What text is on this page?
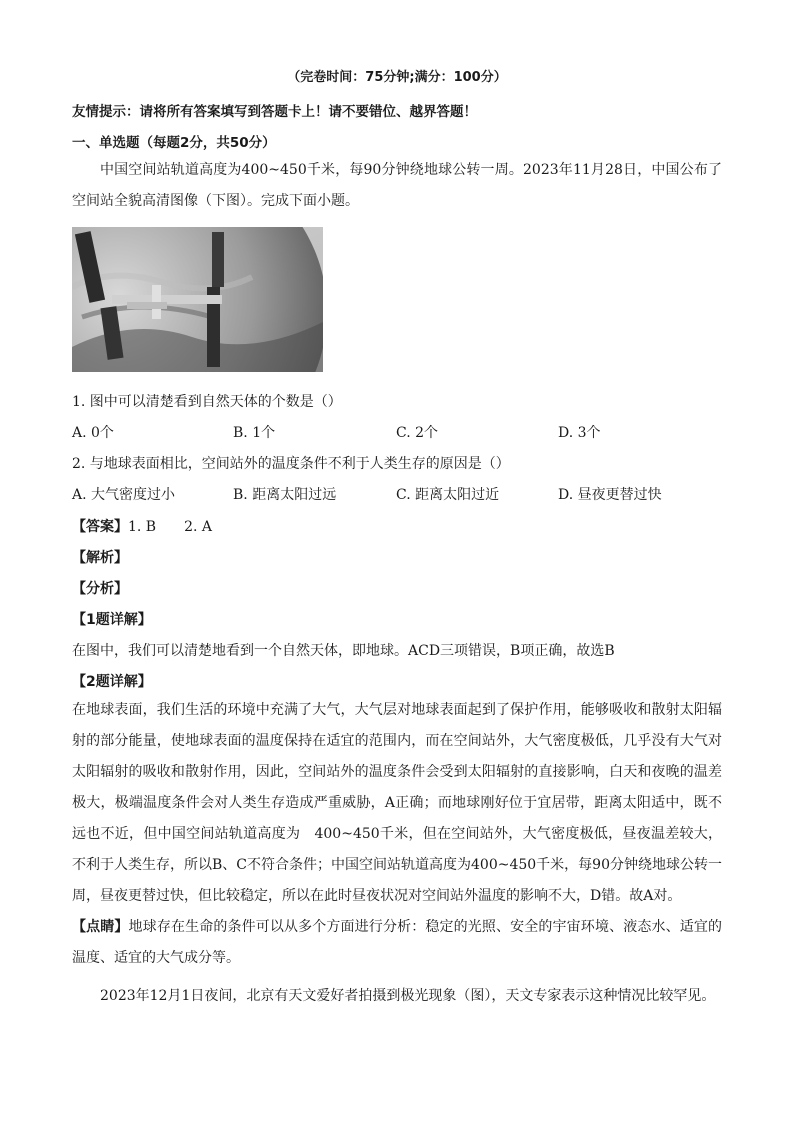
（完卷时间：75分钟;满分：100分）
友情提示：请将所有答案填写到答题卡上！请不要错位、越界答题！
一、单选题（每题2分，共50分）
中国空间站轨道高度为400~450千米，每90分钟绕地球公转一周。2023年11月28日，中国公布了空间站全貌高清图像（下图）。完成下面小题。
1. 图中可以清楚看到自然天体的个数是（）
A. 0个	B. 1个	C. 2个	D. 3个
2. 与地球表面相比，空间站外的温度条件不利于人类生存的原因是（）
A. 大气密度过小	B. 距离太阳过远	C. 距离太阳过近	D. 昼夜更替过快
【答案】1. B　　2. A
【解析】
【分析】
【1题详解】
在图中，我们可以清楚地看到一个自然天体，即地球。ACD三项错误，B项正确，故选B
【2题详解】
在地球表面，我们生活的环境中充满了大气，大气层对地球表面起到了保护作用，能够吸收和散射太阳辐射的部分能量，使地球表面的温度保持在适宜的范围内，而在空间站外，大气密度极低，几乎没有大气对太阳辐射的吸收和散射作用，因此，空间站外的温度条件会受到太阳辐射的直接影响，白天和夜晚的温差极大，极端温度条件会对人类生存造成严重威胁，A正确；而地球刚好位于宜居带，距离太阳适中，既不远也不近，但中国空间站轨道高度为　400~450千米，但在空间站外，大气密度极低，昼夜温差较大，不利于人类生存，所以B、C不符合条件；中国空间站轨道高度为400~450千米，每90分钟绕地球公转一周，昼夜更替过快，但比较稳定，所以在此时昼夜状况对空间站外温度的影响不大，D错。故A对。
【点睛】地球存在生命的条件可以从多个方面进行分析：稳定的光照、安全的宇宙环境、液态水、适宜的温度、适宜的大气成分等。
2023年12月1日夜间，北京有天文爱好者拍摄到极光现象（图），天文专家表示这种情况比较罕见。
